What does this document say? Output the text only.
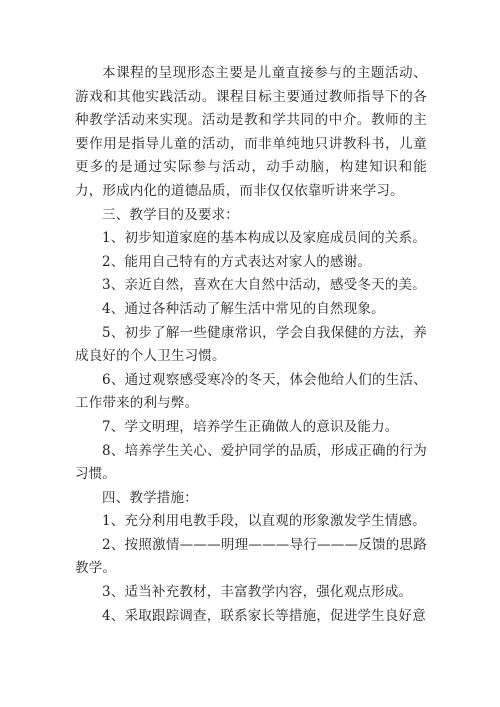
本课程的呈现形态主要是儿童直接参与的主题活动、游戏和其他实践活动。课程目标主要通过教师指导下的各种教学活动来实现。活动是教和学共同的中介。教师的主要作用是指导儿童的活动，而非单纯地只讲教科书，儿童更多的是通过实际参与活动，动手动脑，构建知识和能力，形成内化的道德品质，而非仅仅依靠听讲来学习。

三、教学目的及要求：

1、初步知道家庭的基本构成以及家庭成员间的关系。

2、能用自己特有的方式表达对家人的感谢。

3、亲近自然，喜欢在大自然中活动，感受冬天的美。

4、通过各种活动了解生活中常见的自然现象。

5、初步了解一些健康常识，学会自我保健的方法，养成良好的个人卫生习惯。

6、通过观察感受寒冷的冬天，体会他给人们的生活、工作带来的利与弊。

7、学文明理，培养学生正确做人的意识及能力。

8、培养学生关心、爱护同学的品质，形成正确的行为习惯。

四、教学措施：

1、充分利用电教手段，以直观的形象激发学生情感。

2、按照激情———明理———导行———反馈的思路教学。

3、适当补充教材，丰富教学内容，强化观点形成。

4、采取跟踪调查，联系家长等措施，促进学生良好意
